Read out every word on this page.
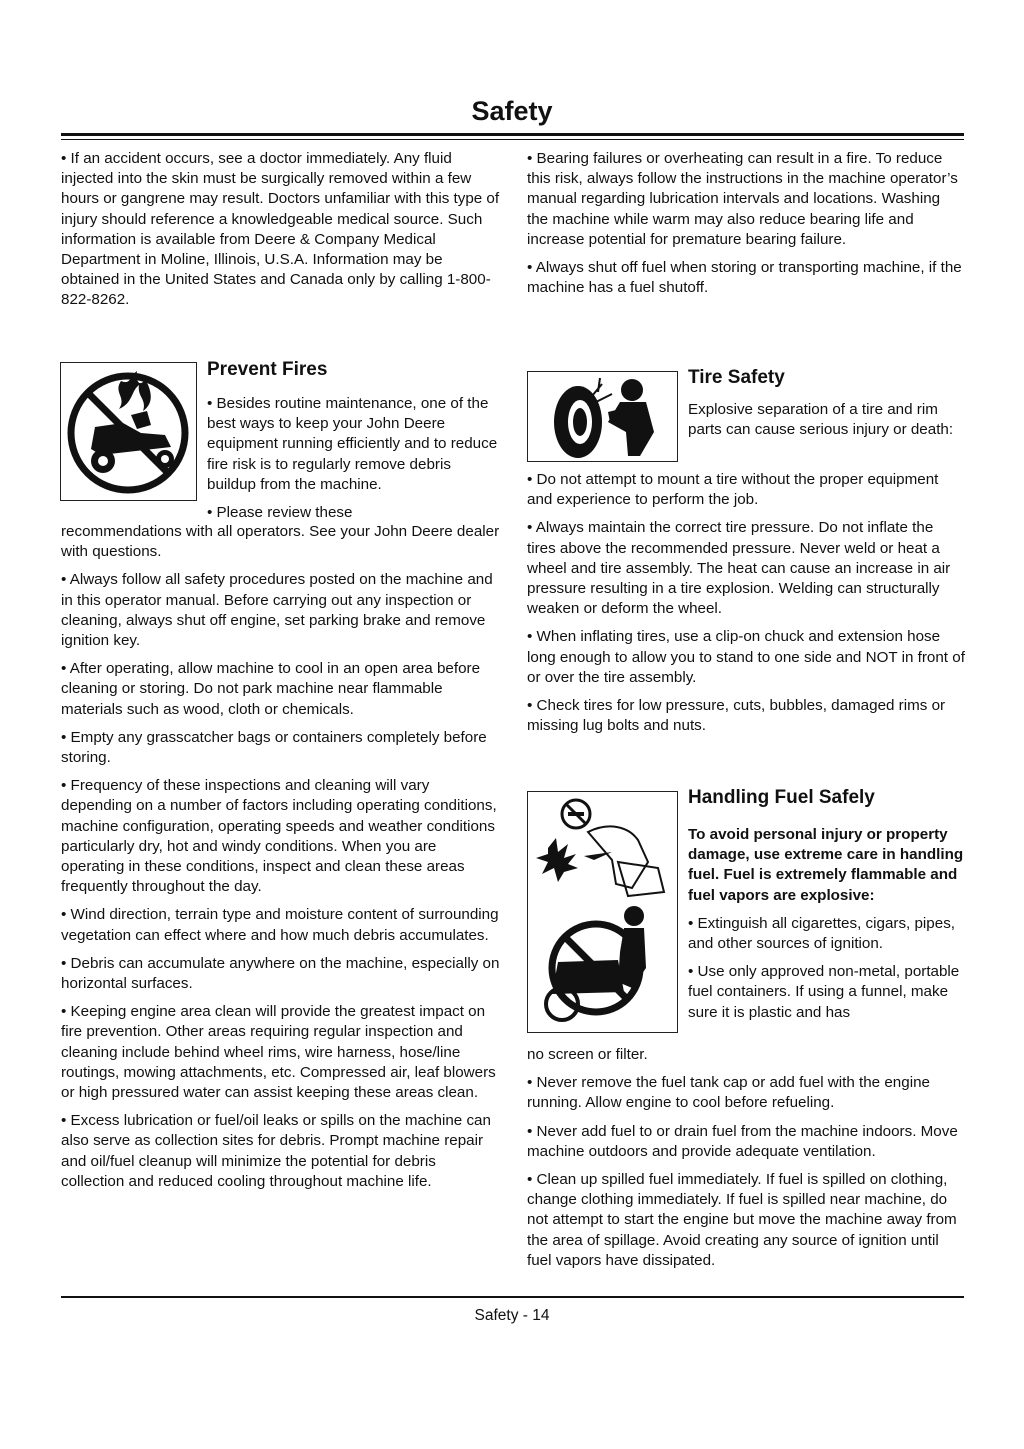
Safety

• If an accident occurs, see a doctor immediately. Any fluid injected into the skin must be surgically removed within a few hours or gangrene may result. Doctors unfamiliar with this type of injury should reference a knowledgeable medical source. Such information is available from Deere & Company Medical Department in Moline, Illinois, U.S.A. Information may be obtained in the United States and Canada only by calling 1-800-822-8262.

Prevent Fires

• Besides routine maintenance, one of the best ways to keep your John Deere equipment running efficiently and to reduce fire risk is to regularly remove debris buildup from the machine.

• Please review these

recommendations with all operators. See your John Deere dealer with questions.

• Always follow all safety procedures posted on the machine and in this operator manual. Before carrying out any inspection or cleaning, always shut off engine, set parking brake and remove ignition key.

• After operating, allow machine to cool in an open area before cleaning or storing. Do not park machine near flammable materials such as wood, cloth or chemicals.

• Empty any grasscatcher bags or containers completely before storing.

• Frequency of these inspections and cleaning will vary depending on a number of factors including operating conditions, machine configuration, operating speeds and weather conditions particularly dry, hot and windy conditions. When you are operating in these conditions, inspect and clean these areas frequently throughout the day.

• Wind direction, terrain type and moisture content of surrounding vegetation can effect where and how much debris accumulates.

• Debris can accumulate anywhere on the machine, especially on horizontal surfaces.

• Keeping engine area clean will provide the greatest impact on fire prevention. Other areas requiring regular inspection and cleaning include behind wheel rims, wire harness, hose/line routings, mowing attachments, etc. Compressed air, leaf blowers or high pressured water can assist keeping these areas clean.

• Excess lubrication or fuel/oil leaks or spills on the machine can also serve as collection sites for debris. Prompt machine repair and oil/fuel cleanup will minimize the potential for debris collection and reduced cooling throughout machine life.

• Bearing failures or overheating can result in a fire. To reduce this risk, always follow the instructions in the machine operator’s manual regarding lubrication intervals and locations. Washing the machine while warm may also reduce bearing life and increase potential for premature bearing failure.

• Always shut off fuel when storing or transporting machine, if the machine has a fuel shutoff.

Tire Safety

Explosive separation of a tire and rim parts can cause serious injury or death:

• Do not attempt to mount a tire without the proper equipment and experience to perform the job.

• Always maintain the correct tire pressure. Do not inflate the tires above the recommended pressure. Never weld or heat a wheel and tire assembly. The heat can cause an increase in air pressure resulting in a tire explosion. Welding can structurally weaken or deform the wheel.

• When inflating tires, use a clip-on chuck and extension hose long enough to allow you to stand to one side and NOT in front of or over the tire assembly.

• Check tires for low pressure, cuts, bubbles, damaged rims or missing lug bolts and nuts.

Handling Fuel Safely

To avoid personal injury or property damage, use extreme care in handling fuel. Fuel is extremely flammable and fuel vapors are explosive:

• Extinguish all cigarettes, cigars, pipes, and other sources of ignition.

• Use only approved non-metal, portable fuel containers. If using a funnel, make sure it is plastic and has

no screen or filter.

• Never remove the fuel tank cap or add fuel with the engine running. Allow engine to cool before refueling.

• Never add fuel to or drain fuel from the machine indoors. Move machine outdoors and provide adequate ventilation.

• Clean up spilled fuel immediately. If fuel is spilled on clothing, change clothing immediately. If fuel is spilled near machine, do not attempt to start the engine but move the machine away from the area of spillage. Avoid creating any source of ignition until fuel vapors have dissipated.

Safety - 14
